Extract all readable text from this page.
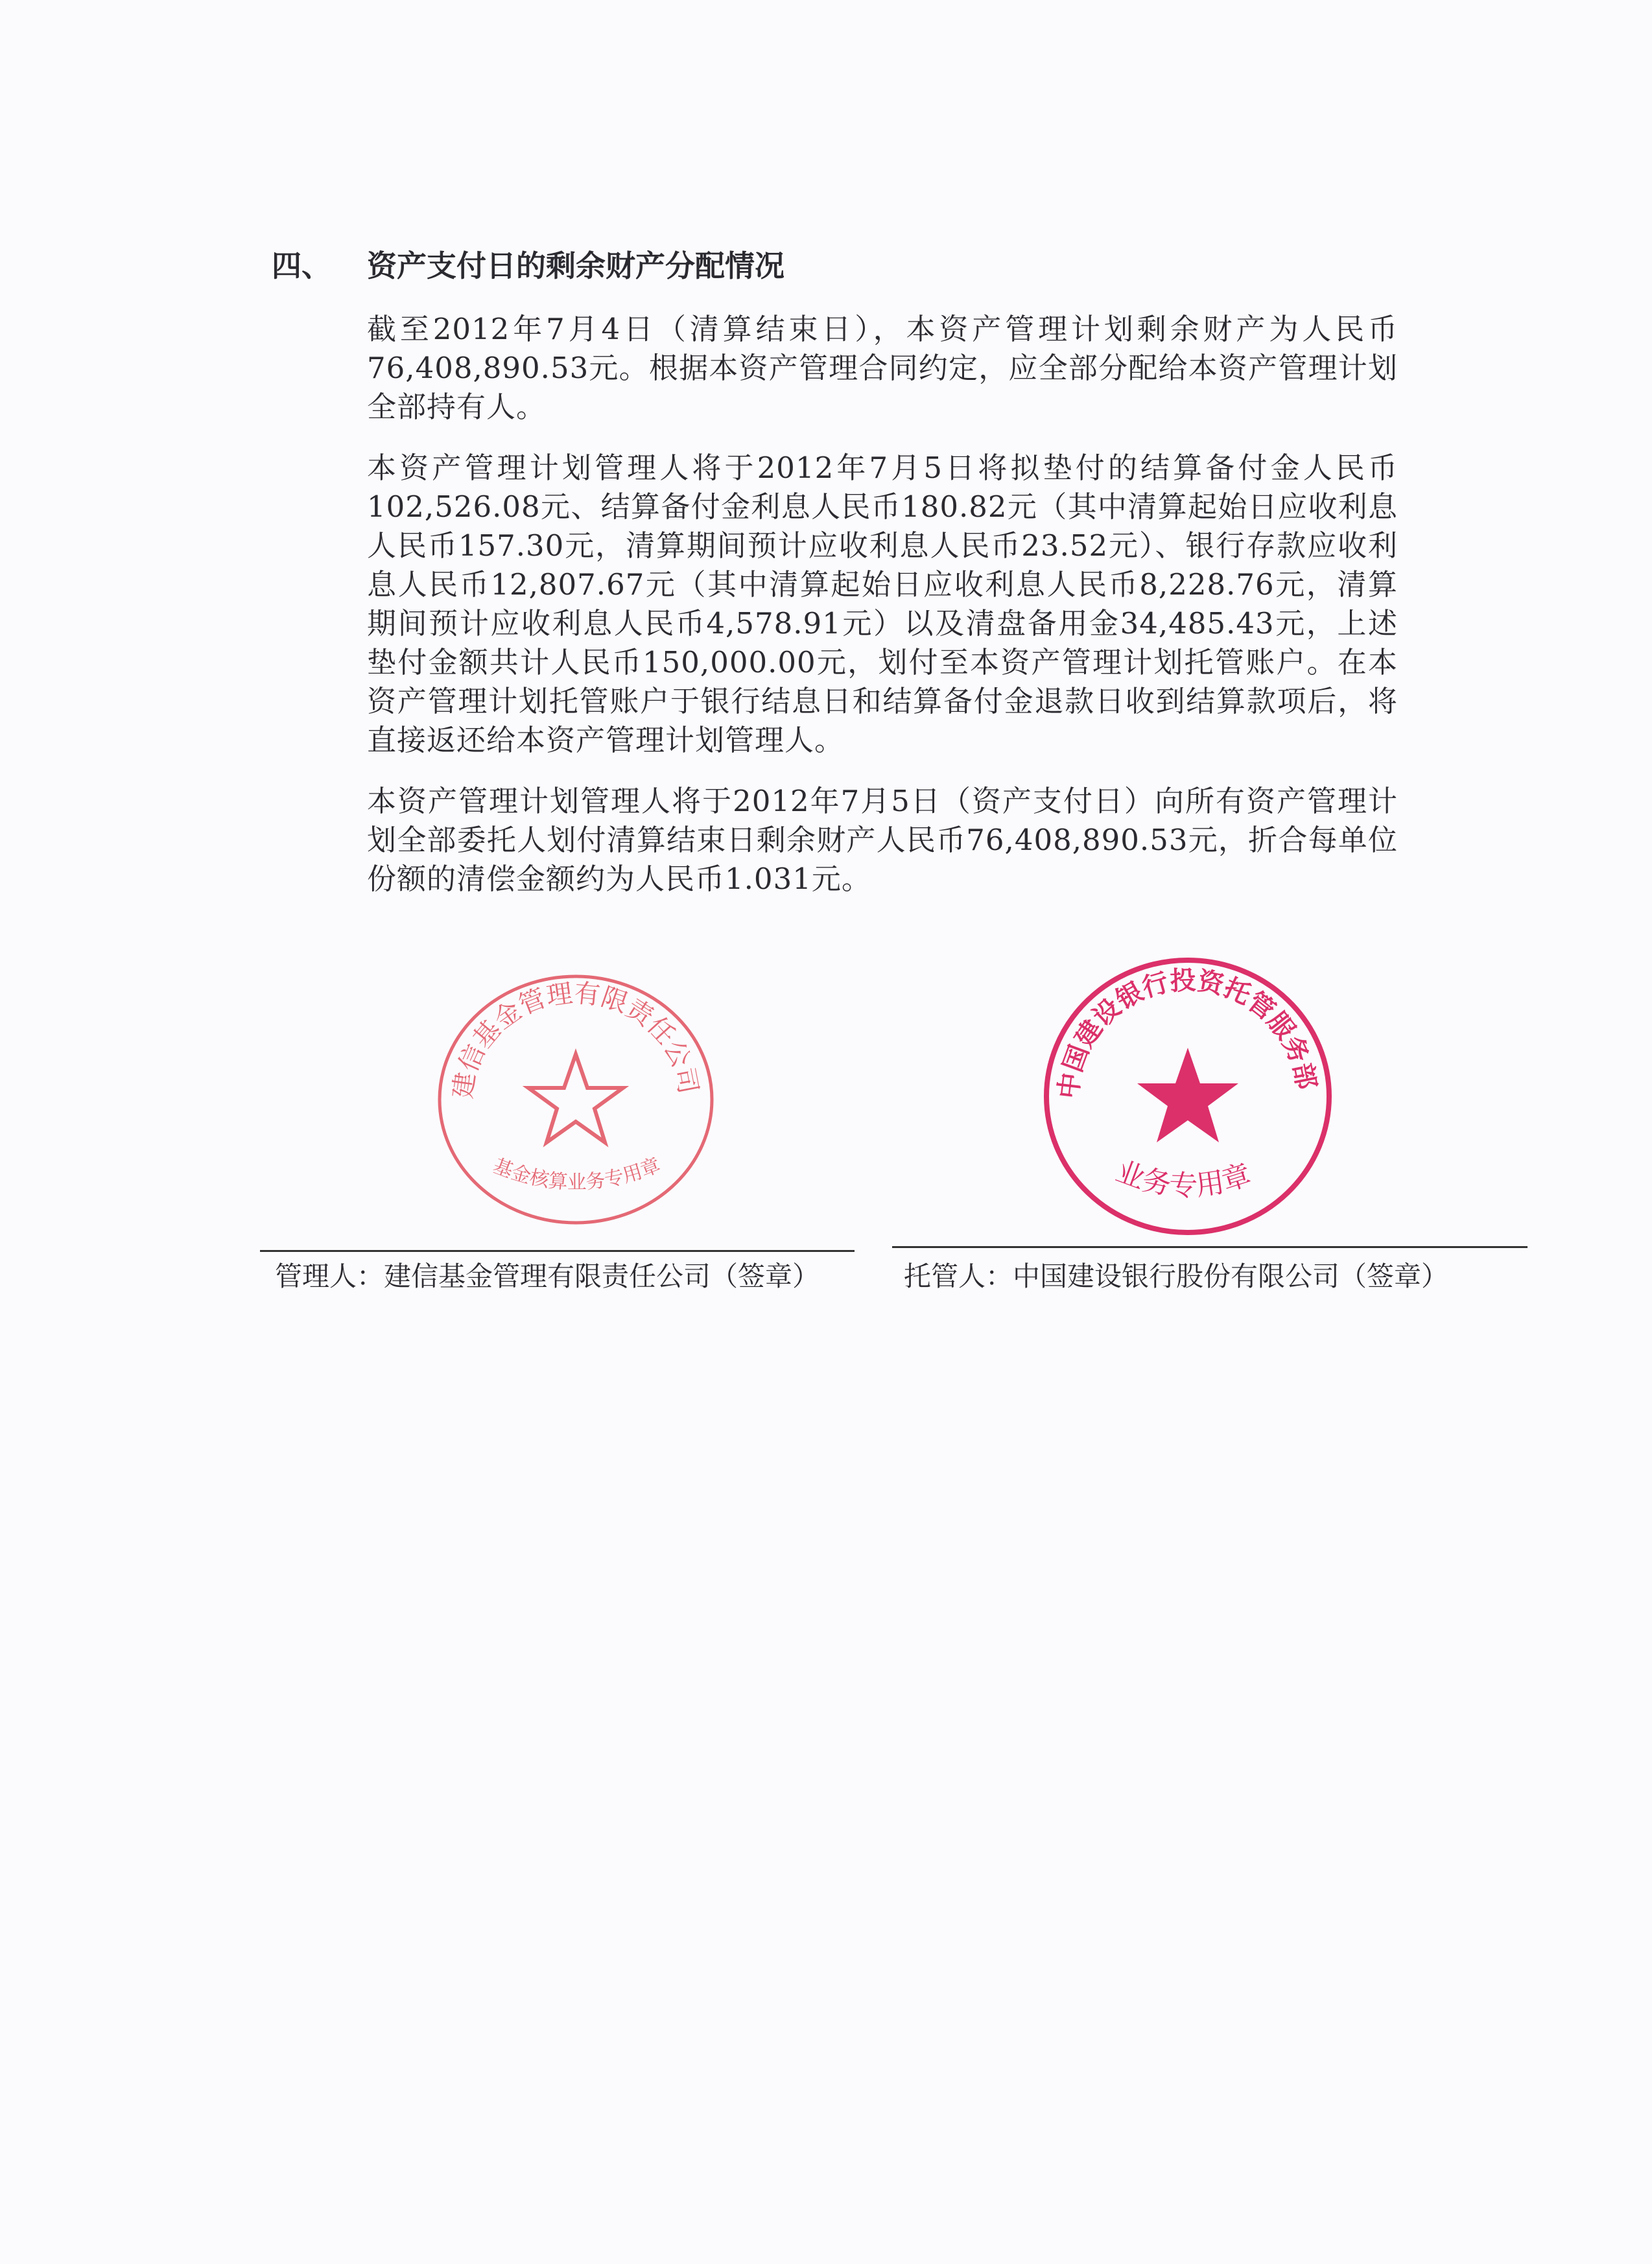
四、	资产支付日的剩余财产分配情况

截至2012年7月4日（清算结束日），本资产管理计划剩余财产为人民币76,408,890.53元。根据本资产管理合同约定，应全部分配给本资产管理计划全部持有人。

本资产管理计划管理人将于2012年7月5日将拟垫付的结算备付金人民币102,526.08元、结算备付金利息人民币180.82元（其中清算起始日应收利息人民币157.30元，清算期间预计应收利息人民币23.52元）、银行存款应收利息人民币12,807.67元（其中清算起始日应收利息人民币8,228.76元，清算期间预计应收利息人民币4,578.91元）以及清盘备用金34,485.43元，上述垫付金额共计人民币150,000.00元，划付至本资产管理计划托管账户。在本资产管理计划托管账户于银行结息日和结算备付金退款日收到结算款项后，将直接返还给本资产管理计划管理人。

本资产管理计划管理人将于2012年7月5日（资产支付日）向所有资产管理计划全部委托人划付清算结束日剩余财产人民币76,408,890.53元，折合每单位份额的清偿金额约为人民币1.031元。

建信基金管理有限责任公司
基金核算业务专用章
中国建设银行投资托管服务部
业务专用章
管理人：建信基金管理有限责任公司（签章）	托管人：中国建设银行股份有限公司（签章）
